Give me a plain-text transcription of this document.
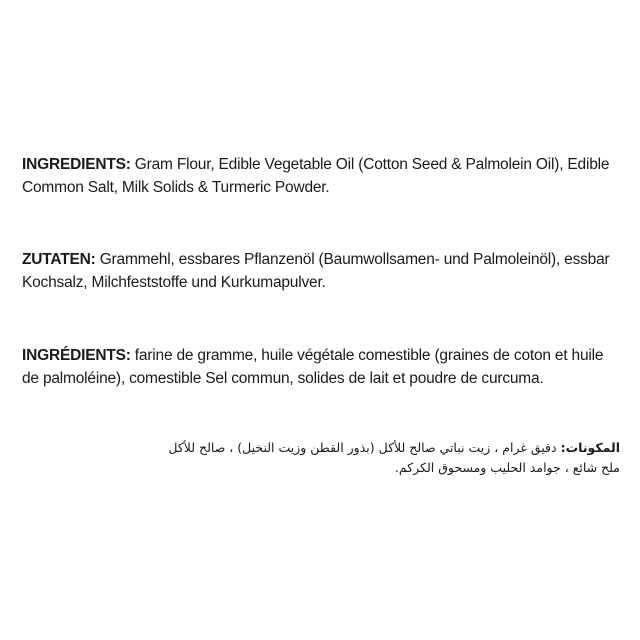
INGREDIENTS: Gram Flour, Edible Vegetable Oil (Cotton Seed & Palmolein Oil), Edible
Common Salt, Milk Solids & Turmeric Powder.
ZUTATEN: Grammehl, essbares Pflanzenöl (Baumwollsamen- und Palmoleinöl), essbar
Kochsalz, Milchfeststoffe und Kurkumapulver.
INGRÉDIENTS: farine de gramme, huile végétale comestible (graines de coton et huile
de palmoléine), comestible Sel commun, solides de lait et poudre de curcuma.
المكونات: دقيق غرام ، زيت نباتي صالح للأكل (بذور القطن وزيت النخيل) ، صالح للأكل
ملح شائع ، جوامد الحليب ومسحوق الكركم.
